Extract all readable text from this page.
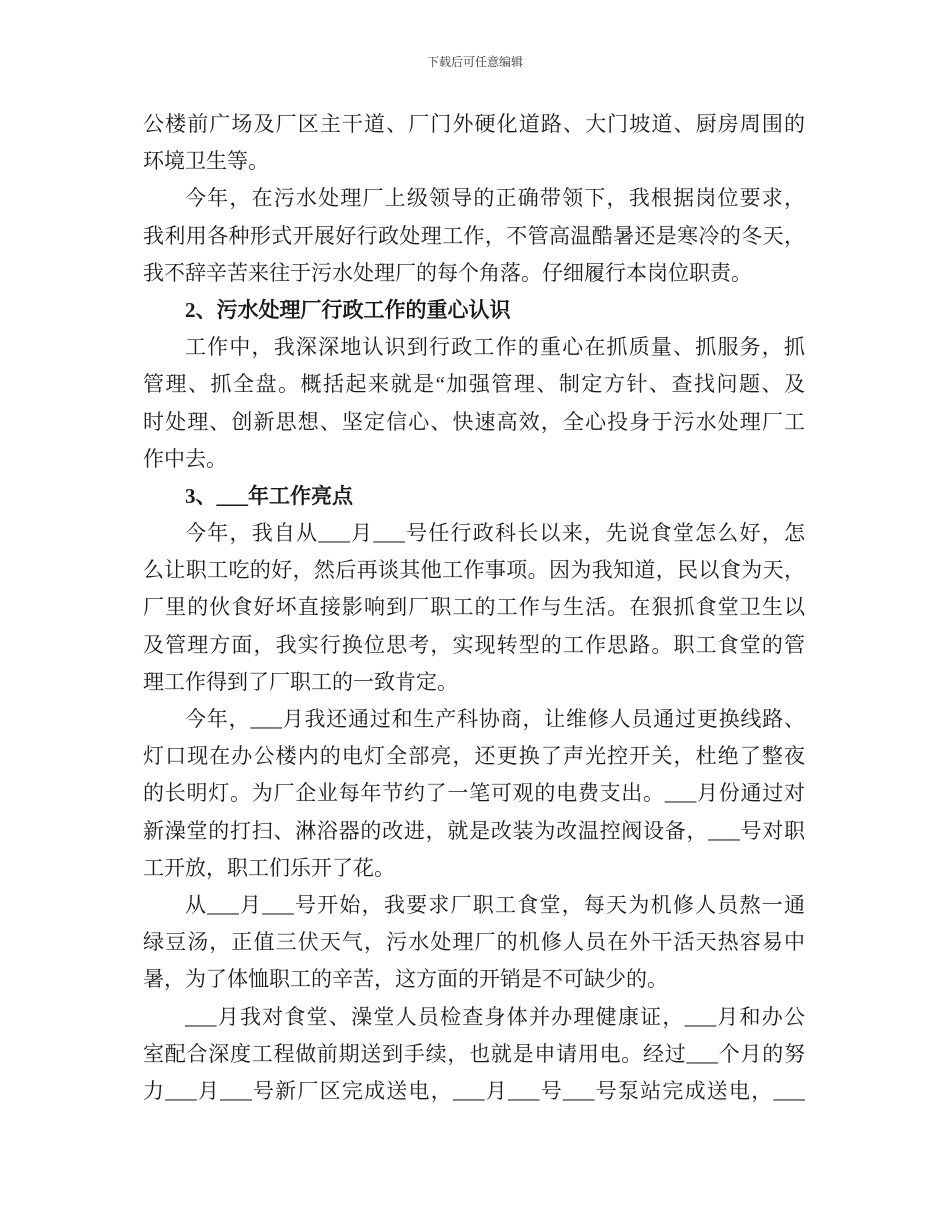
下载后可任意编辑
公楼前广场及厂区主干道、厂门外硬化道路、大门坡道、厨房周围的
环境卫生等。
今年，在污水处理厂上级领导的正确带领下，我根据岗位要求，
我利用各种形式开展好行政处理工作，不管高温酷暑还是寒冷的冬天，
我不辞辛苦来往于污水处理厂的每个角落。仔细履行本岗位职责。
2、污水处理厂行政工作的重心认识
工作中，我深深地认识到行政工作的重心在抓质量、抓服务，抓
管理、抓全盘。概括起来就是“加强管理、制定方针、查找问题、及
时处理、创新思想、坚定信心、快速高效，全心投身于污水处理厂工
作中去。
3、___年工作亮点
今年，我自从___月___号任行政科长以来，先说食堂怎么好，怎
么让职工吃的好，然后再谈其他工作事项。因为我知道，民以食为天，
厂里的伙食好坏直接影响到厂职工的工作与生活。在狠抓食堂卫生以
及管理方面，我实行换位思考，实现转型的工作思路。职工食堂的管
理工作得到了厂职工的一致肯定。
今年，___月我还通过和生产科协商，让维修人员通过更换线路、
灯口现在办公楼内的电灯全部亮，还更换了声光控开关，杜绝了整夜
的长明灯。为厂企业每年节约了一笔可观的电费支出。___月份通过对
新澡堂的打扫、淋浴器的改进，就是改装为改温控阀设备，___号对职
工开放，职工们乐开了花。
从___月___号开始，我要求厂职工食堂，每天为机修人员熬一通
绿豆汤，正值三伏天气，污水处理厂的机修人员在外干活天热容易中
暑，为了体恤职工的辛苦，这方面的开销是不可缺少的。
___月我对食堂、澡堂人员检查身体并办理健康证，___月和办公
室配合深度工程做前期送到手续，也就是申请用电。经过___个月的努
力___月___号新厂区完成送电，___月___号___号泵站完成送电，___
